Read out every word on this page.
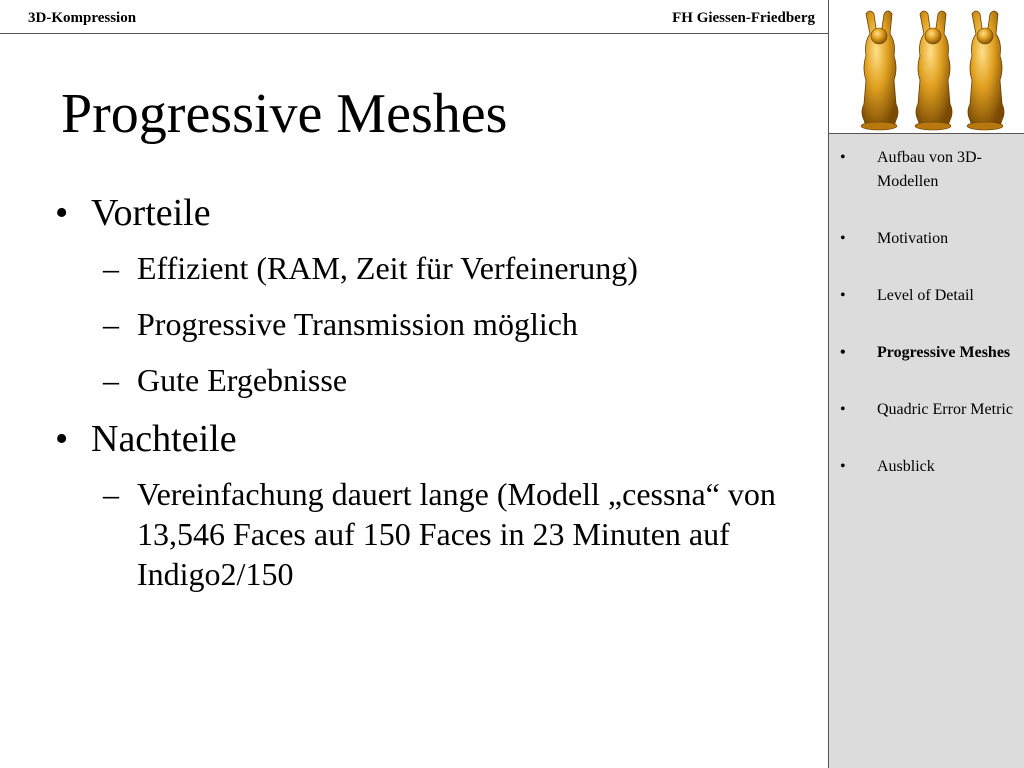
3D-Kompression	FH Giessen-Friedberg
• Aufbau von 3D-Modellen
• Motivation
• Level of Detail
• Progressive Meshes
• Quadric Error Metric
• Ausblick
Progressive Meshes
• Vorteile
– Effizient (RAM, Zeit für Verfeinerung)
– Progressive Transmission möglich
– Gute Ergebnisse
• Nachteile
– Vereinfachung dauert lange (Modell „cessna“ von 13,546 Faces auf 150 Faces in 23 Minuten auf Indigo2/150
